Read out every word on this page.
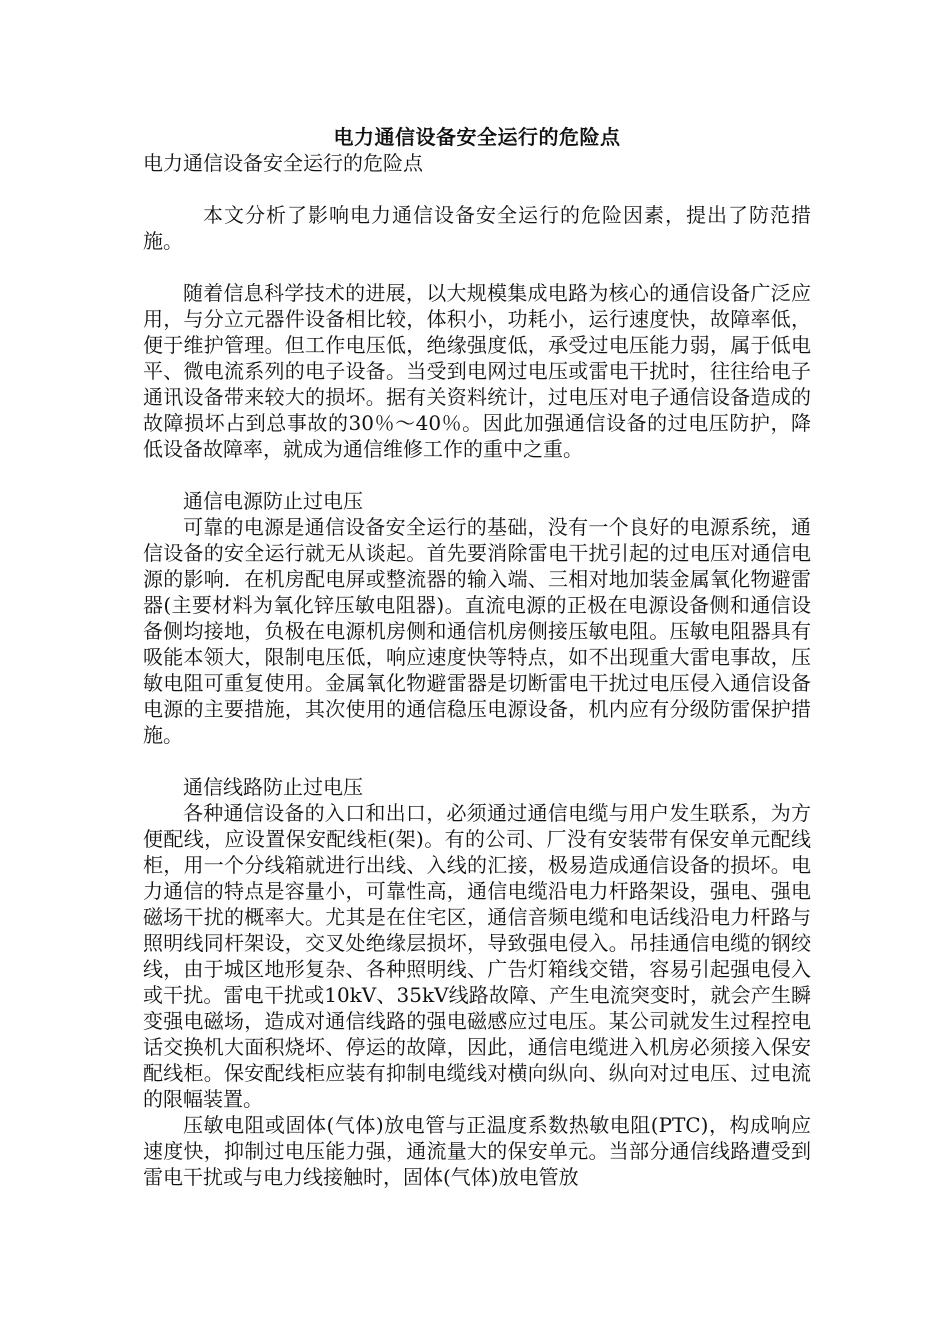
电力通信设备安全运行的危险点
电力通信设备安全运行的危险点

本文分析了影响电力通信设备安全运行的危险因素，提出了防范措施。

随着信息科学技术的进展，以大规模集成电路为核心的通信设备广泛应用，与分立元器件设备相比较，体积小，功耗小，运行速度快，故障率低，便于维护管理。但工作电压低，绝缘强度低，承受过电压能力弱，属于低电平、微电流系列的电子设备。当受到电网过电压或雷电干扰时，往往给电子通讯设备带来较大的损坏。据有关资料统计，过电压对电子通信设备造成的故障损坏占到总事故的30％～40％。因此加强通信设备的过电压防护，降低设备故障率，就成为通信维修工作的重中之重。

通信电源防止过电压

可靠的电源是通信设备安全运行的基础，没有一个良好的电源系统，通信设备的安全运行就无从谈起。首先要消除雷电干扰引起的过电压对通信电源的影响．在机房配电屏或整流器的输入端、三相对地加装金属氧化物避雷器(主要材料为氧化锌压敏电阻器)。直流电源的正极在电源设备侧和通信设备侧均接地，负极在电源机房侧和通信机房侧接压敏电阻。压敏电阻器具有吸能本领大，限制电压低，响应速度快等特点，如不出现重大雷电事故，压敏电阻可重复使用。金属氧化物避雷器是切断雷电干扰过电压侵入通信设备电源的主要措施，其次使用的通信稳压电源设备，机内应有分级防雷保护措施。

通信线路防止过电压

各种通信设备的入口和出口，必须通过通信电缆与用户发生联系，为方便配线，应设置保安配线柜(架)。有的公司、厂没有安装带有保安单元配线柜，用一个分线箱就进行出线、入线的汇接，极易造成通信设备的损坏。电力通信的特点是容量小，可靠性高，通信电缆沿电力杆路架设，强电、强电磁场干扰的概率大。尤其是在住宅区，通信音频电缆和电话线沿电力杆路与照明线同杆架设，交叉处绝缘层损坏，导致强电侵入。吊挂通信电缆的钢绞线，由于城区地形复杂、各种照明线、广告灯箱线交错，容易引起强电侵入或干扰。雷电干扰或10kV、35kV线路故障、产生电流突变时，就会产生瞬变强电磁场，造成对通信线路的强电磁感应过电压。某公司就发生过程控电话交换机大面积烧坏、停运的故障，因此，通信电缆进入机房必须接入保安配线柜。保安配线柜应装有抑制电缆线对横向纵向、纵向对过电压、过电流的限幅装置。

压敏电阻或固体(气体)放电管与正温度系数热敏电阻(PTC)，构成响应速度快，抑制过电压能力强，通流量大的保安单元。当部分通信线路遭受到雷电干扰或与电力线接触时，固体(气体)放电管放
